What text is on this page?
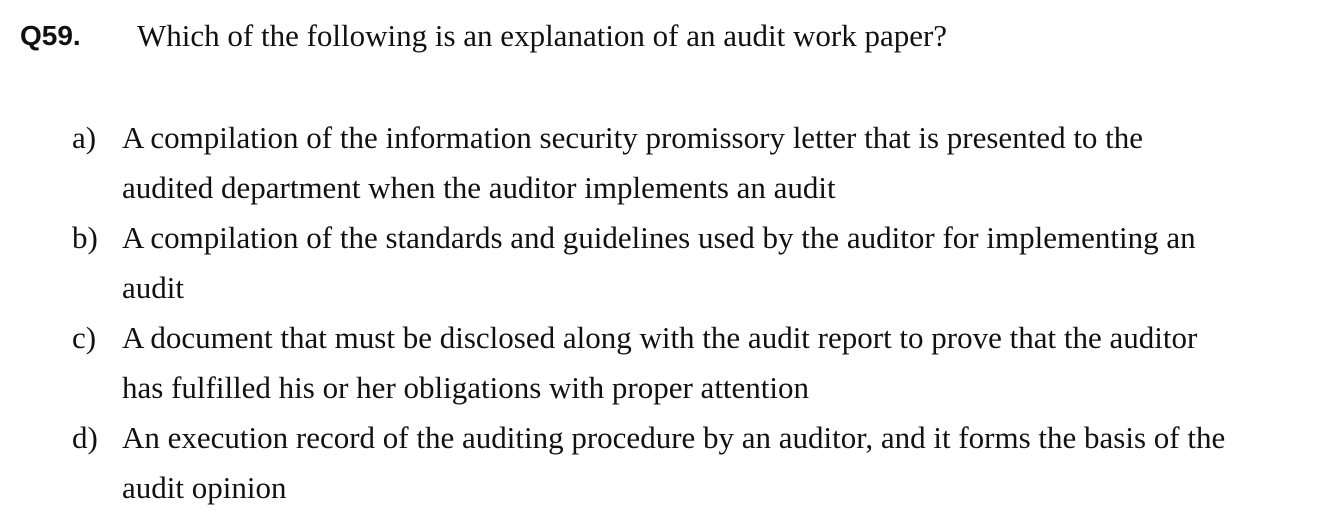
Q59. Which of the following is an explanation of an audit work paper?
a) A compilation of the information security promissory letter that is presented to the
audited department when the auditor implements an audit
b) A compilation of the standards and guidelines used by the auditor for implementing an
audit
c) A document that must be disclosed along with the audit report to prove that the auditor
has fulfilled his or her obligations with proper attention
d) An execution record of the auditing procedure by an auditor, and it forms the basis of the
audit opinion
